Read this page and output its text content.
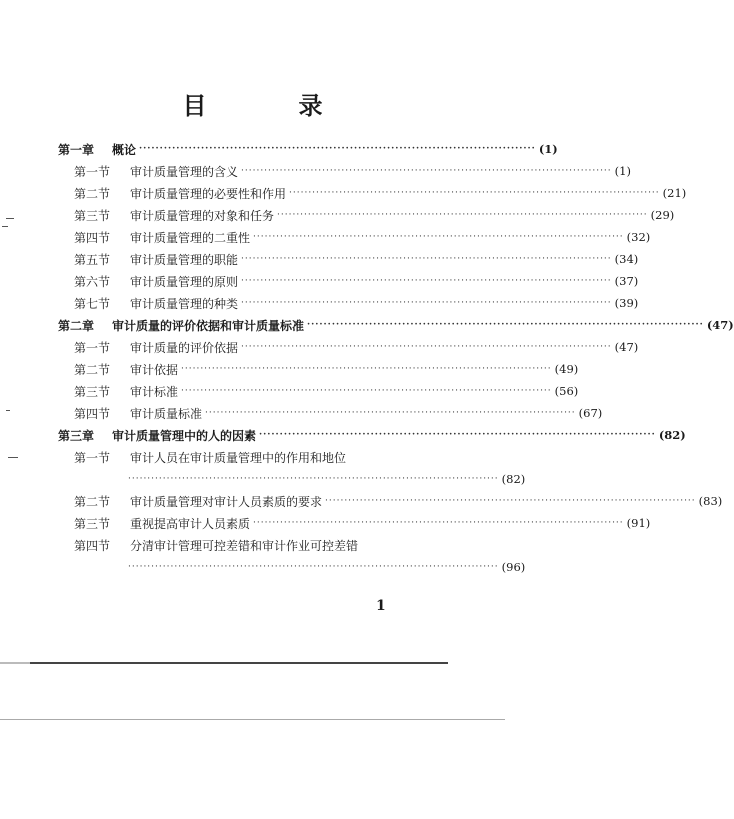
目　录
第一章	概论 ································································································ (1)
第一节	审计质量管理的含义 ································································································ (1)
第二节	审计质量管理的必要性和作用 ································································································ (21)
第三节	审计质量管理的对象和任务 ································································································ (29)
第四节	审计质量管理的二重性 ································································································ (32)
第五节	审计质量管理的职能 ································································································ (34)
第六节	审计质量管理的原则 ································································································ (37)
第七节	审计质量管理的种类 ································································································ (39)
第二章	审计质量的评价依据和审计质量标准 ································································································ (47)
第一节	审计质量的评价依据 ································································································ (47)
第二节	审计依据 ································································································ (49)
第三节	审计标准 ································································································ (56)
第四节	审计质量标准 ································································································ (67)
第三章	审计质量管理中的人的因素 ································································································ (82)
第一节	审计人员在审计质量管理中的作用和地位
································································································ (82)
第二节	审计质量管理对审计人员素质的要求 ································································································ (83)
第三节	重视提高审计人员素质 ································································································ (91)
第四节	分清审计管理可控差错和审计作业可控差错
································································································ (96)
1
